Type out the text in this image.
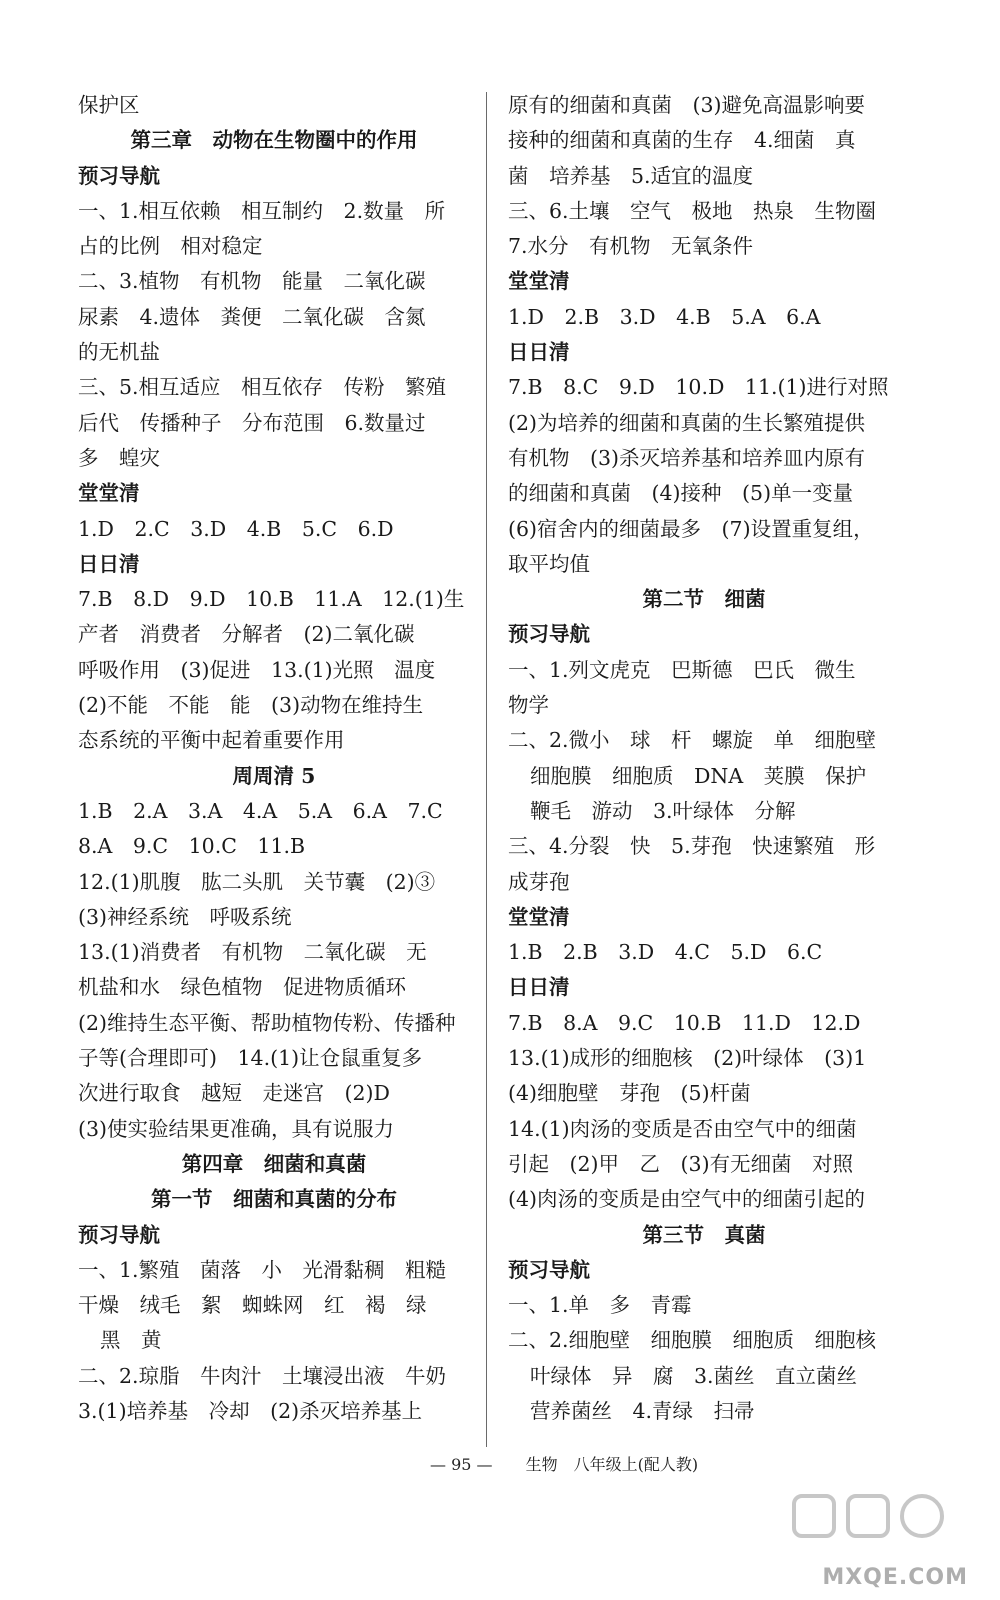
保护区
第三章　动物在生物圈中的作用
预习导航
一、1.相互依赖　相互制约　2.数量　所
占的比例　相对稳定
二、3.植物　有机物　能量　二氧化碳
尿素　4.遗体　粪便　二氧化碳　含氮
的无机盐
三、5.相互适应　相互依存　传粉　繁殖
后代　传播种子　分布范围　6.数量过
多　蝗灾
堂堂清
1.D　2.C　3.D　4.B　5.C　6.D
日日清
7.B　8.D　9.D　10.B　11.A　12.(1)生
产者　消费者　分解者　(2)二氧化碳
呼吸作用　(3)促进　13.(1)光照　温度
(2)不能　不能　能　(3)动物在维持生
态系统的平衡中起着重要作用
周周清 5
1.B　2.A　3.A　4.A　5.A　6.A　7.C
8.A　9.C　10.C　11.B
12.(1)肌腹　肱二头肌　关节囊　(2)③
(3)神经系统　呼吸系统
13.(1)消费者　有机物　二氧化碳　无
机盐和水　绿色植物　促进物质循环
(2)维持生态平衡、帮助植物传粉、传播种
子等(合理即可)　14.(1)让仓鼠重复多
次进行取食　越短　走迷宫　(2)D
(3)使实验结果更准确，具有说服力
第四章　细菌和真菌
第一节　细菌和真菌的分布
预习导航
一、1.繁殖　菌落　小　光滑黏稠　粗糙
干燥　绒毛　絮　蜘蛛网　红　褐　绿
黑　黄
二、2.琼脂　牛肉汁　土壤浸出液　牛奶
3.(1)培养基　冷却　(2)杀灭培养基上
原有的细菌和真菌　(3)避免高温影响要
接种的细菌和真菌的生存　4.细菌　真
菌　培养基　5.适宜的温度
三、6.土壤　空气　极地　热泉　生物圈
7.水分　有机物　无氧条件
堂堂清
1.D　2.B　3.D　4.B　5.A　6.A
日日清
7.B　8.C　9.D　10.D　11.(1)进行对照
(2)为培养的细菌和真菌的生长繁殖提供
有机物　(3)杀灭培养基和培养皿内原有
的细菌和真菌　(4)接种　(5)单一变量
(6)宿舍内的细菌最多　(7)设置重复组，
取平均值
第二节　细菌
预习导航
一、1.列文虎克　巴斯德　巴氏　微生
物学
二、2.微小　球　杆　螺旋　单　细胞壁
细胞膜　细胞质　DNA　荚膜　保护
鞭毛　游动　3.叶绿体　分解
三、4.分裂　快　5.芽孢　快速繁殖　形
成芽孢
堂堂清
1.B　2.B　3.D　4.C　5.D　6.C
日日清
7.B　8.A　9.C　10.B　11.D　12.D
13.(1)成形的细胞核　(2)叶绿体　(3)1
(4)细胞壁　芽孢　(5)杆菌
14.(1)肉汤的变质是否由空气中的细菌
引起　(2)甲　乙　(3)有无细菌　对照
(4)肉汤的变质是由空气中的细菌引起的
第三节　真菌
预习导航
一、1.单　多　青霉
二、2.细胞壁　细胞膜　细胞质　细胞核
叶绿体　异　腐　3.菌丝　直立菌丝
营养菌丝　4.青绿　扫帚
— 95 — 生物　八年级上(配人教)
MXQE.COM
